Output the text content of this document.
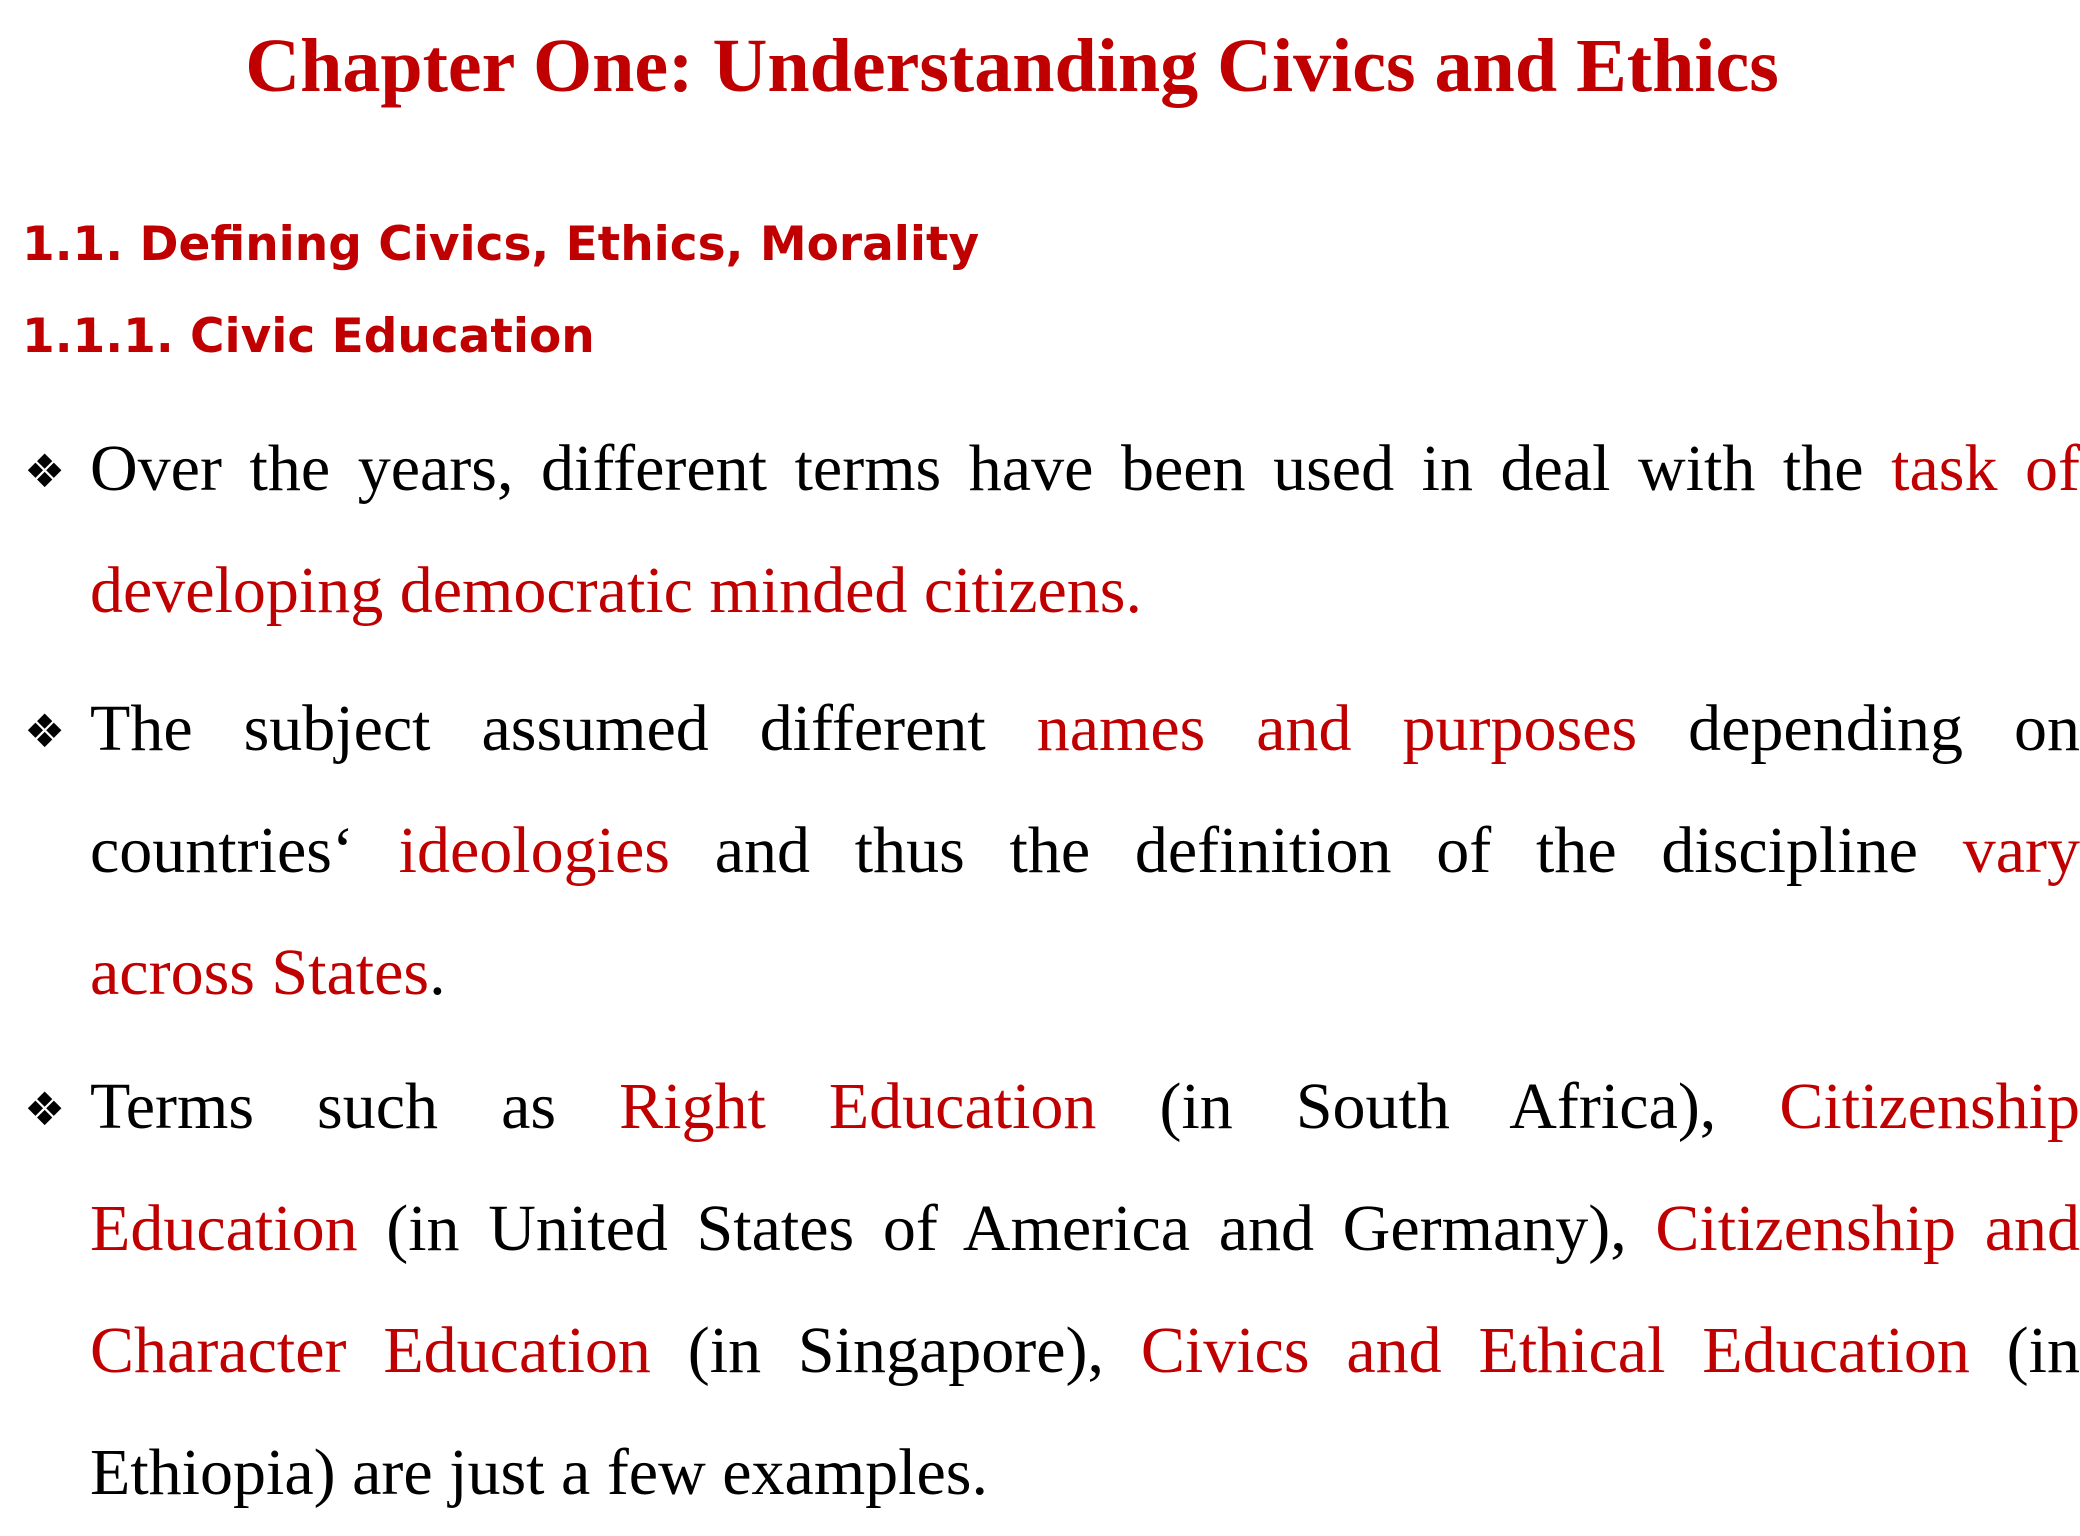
Chapter One: Understanding Civics and Ethics
1.1. Defining Civics, Ethics, Morality
1.1.1. Civic Education
❖ Over the years, different terms have been used in deal with the task of
developing democratic minded citizens.

❖ The subject assumed different names and purposes depending on
countries‘ ideologies and thus the definition of the discipline vary
across States.

❖ Terms such as Right Education (in South Africa), Citizenship
Education (in United States of America and Germany), Citizenship and
Character Education (in Singapore), Civics and Ethical Education (in
Ethiopia) are just a few examples.
